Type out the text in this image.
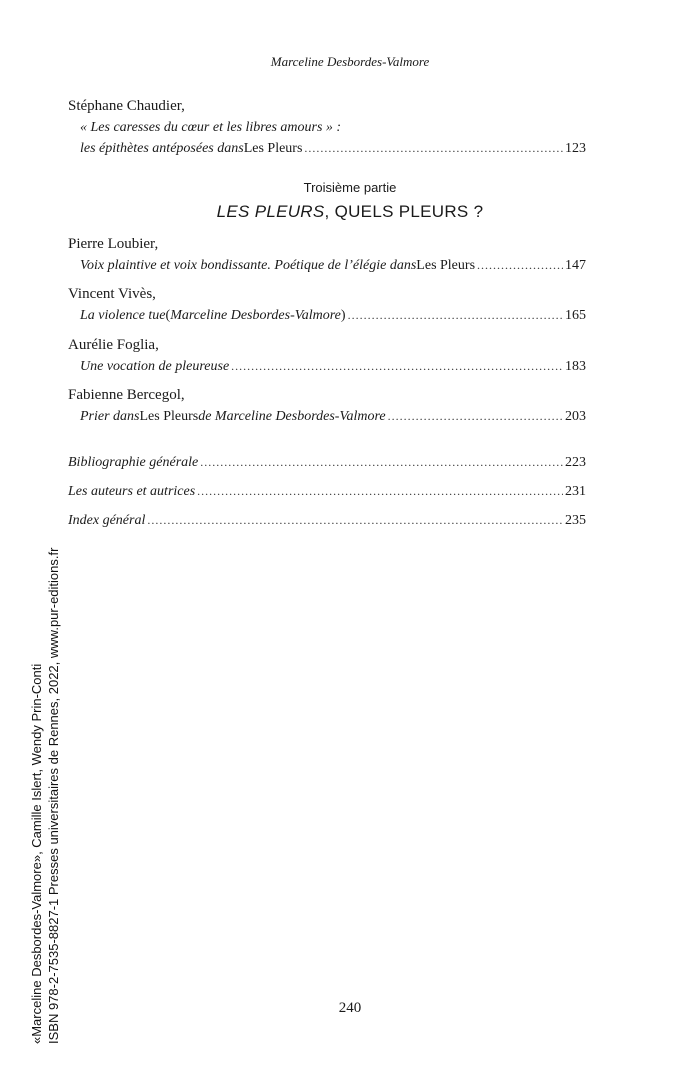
Marceline Desbordes-Valmore
Stéphane Chaudier,
« Les caresses du cœur et les libres amours » :
les épithètes antéposées dans Les Pleurs . . .	123
Troisième partie
LES PLEURS, QUELS PLEURS ?
Pierre Loubier,
Voix plaintive et voix bondissante. Poétique de l’élégie dans Les Pleurs . . .	147
Vincent Vivès,
La violence tue ( Marceline Desbordes-Valmore ) . . .	165
Aurélie Foglia,
Une vocation de pleureuse . . .	183
Fabienne Bercegol,
Prier dans Les Pleurs de Marceline Desbordes-Valmore . . .	203
Bibliographie générale . . .	223
Les auteurs et autrices . . .	231
Index général . . .	235
«Marceline Desbordes-Valmore», Camille Islert, Wendy Prin-Conti ISBN 978-2-7535-8827-1 Presses universitaires de Rennes, 2022, www.pur-editions.fr	240
